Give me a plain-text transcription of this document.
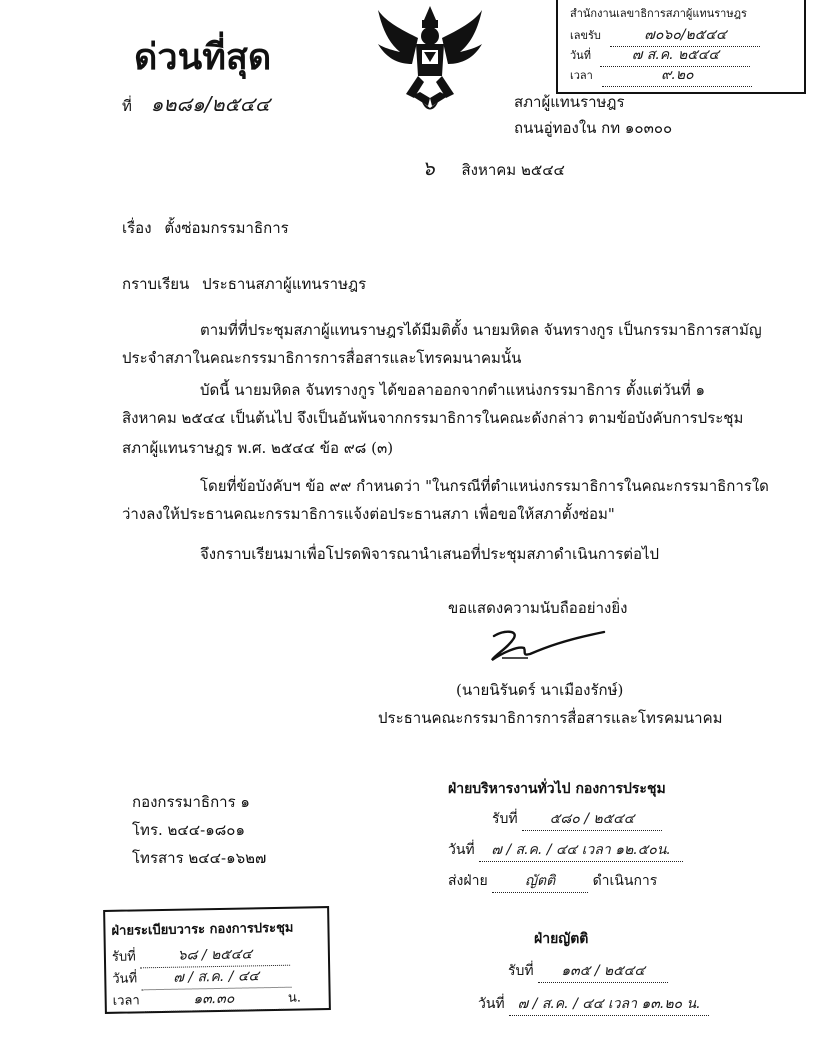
ด่วนที่สุด
ที่ ๑๒๘๑/๒๕๔๔
สำนักงานเลขาธิการสภาผู้แทนราษฎร
เลขรับ	๗๐๖๐/๒๕๔๔
วันที่	๗ ส.ค. ๒๕๔๔
เวลา	๙.๒๐
สภาผู้แทนราษฎร
ถนนอู่ทองใน กท ๑๐๓๐๐
๖ สิงหาคม ๒๕๔๔
เรื่อง ตั้งซ่อมกรรมาธิการ
กราบเรียน ประธานสภาผู้แทนราษฎร
ตามที่ที่ประชุมสภาผู้แทนราษฎรได้มีมติตั้ง นายมหิดล จันทรางกูร เป็นกรรมาธิการสามัญ
ประจำสภาในคณะกรรมาธิการการสื่อสารและโทรคมนาคมนั้น
บัดนี้ นายมหิดล จันทรางกูร ได้ขอลาออกจากตำแหน่งกรรมาธิการ ตั้งแต่วันที่ ๑
สิงหาคม ๒๕๔๔ เป็นต้นไป จึงเป็นอันพ้นจากกรรมาธิการในคณะดังกล่าว ตามข้อบังคับการประชุม
สภาผู้แทนราษฎร พ.ศ. ๒๕๔๔ ข้อ ๙๘ (๓)
โดยที่ข้อบังคับฯ ข้อ ๙๙ กำหนดว่า "ในกรณีที่ตำแหน่งกรรมาธิการในคณะกรรมาธิการใด
ว่างลงให้ประธานคณะกรรมาธิการแจ้งต่อประธานสภา เพื่อขอให้สภาตั้งซ่อม"
จึงกราบเรียนมาเพื่อโปรดพิจารณานำเสนอที่ประชุมสภาดำเนินการต่อไป
ขอแสดงความนับถืออย่างยิ่ง
(นายนิรันดร์ นาเมืองรักษ์)
ประธานคณะกรรมาธิการการสื่อสารและโทรคมนาคม
กองกรรมาธิการ ๑
โทร. ๒๔๔-๑๘๐๑
โทรสาร ๒๔๔-๑๖๒๗
ฝ่ายบริหารงานทั่วไป กองการประชุม
รับที่ ๕๘๐ / ๒๕๔๔
วันที่ ๗ / ส.ค. / ๔๔ เวลา ๑๒.๕๐น.
ส่งฝ่าย	ญัตติ	ดำเนินการ
ฝ่ายระเบียบวาระ กองการประชุม
รับที่	๖๘ / ๒๕๔๔
วันที่	๗ / ส.ค. / ๔๔
เวลา	๑๓.๓๐	น.
ฝ่ายญัตติ
รับที่ ๑๓๕ / ๒๕๔๔
วันที่ ๗ / ส.ค. / ๔๔ เวลา ๑๓.๒๐ น.
